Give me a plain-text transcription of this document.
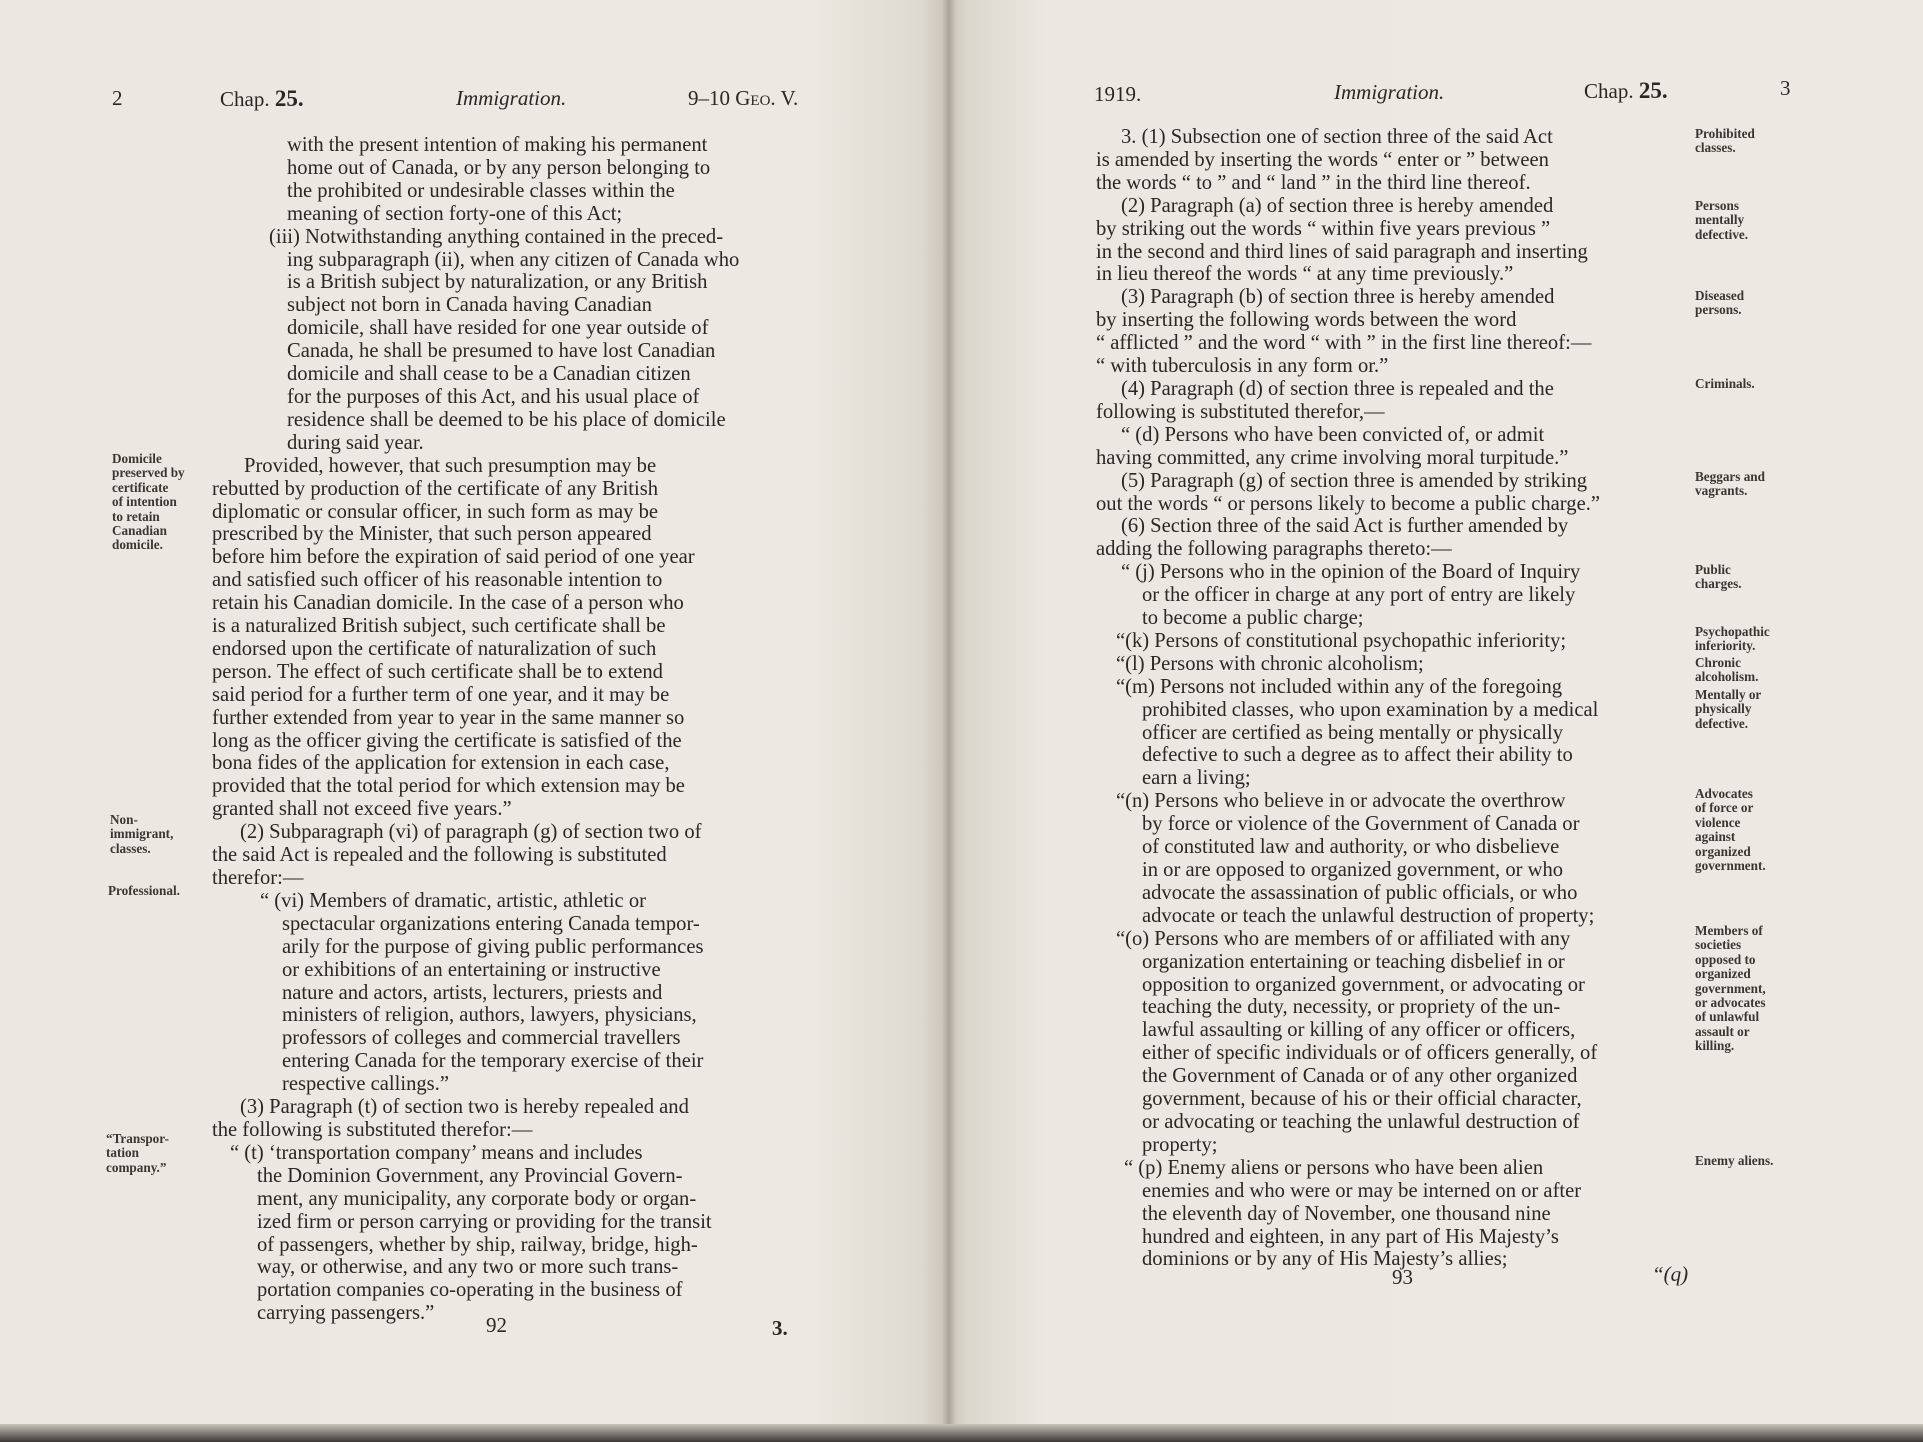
2	Chap. 25.	Immigration.	9–10 Geo. V.

with the present intention of making his permanent

home out of Canada, or by any person belonging to

the prohibited or undesirable classes within the

meaning of section forty-one of this Act;

(iii) Notwithstanding anything contained in the preced-

ing subparagraph (ii), when any citizen of Canada who

is a British subject by naturalization, or any British

subject not born in Canada having Canadian

domicile, shall have resided for one year outside of

Canada, he shall be presumed to have lost Canadian

domicile and shall cease to be a Canadian citizen

for the purposes of this Act, and his usual place of

residence shall be deemed to be his place of domicile

during said year.

Provided, however, that such presumption may be

rebutted by production of the certificate of any British

diplomatic or consular officer, in such form as may be

prescribed by the Minister, that such person appeared

before him before the expiration of said period of one year

and satisfied such officer of his reasonable intention to

retain his Canadian domicile. In the case of a person who

is a naturalized British subject, such certificate shall be

endorsed upon the certificate of naturalization of such

person. The effect of such certificate shall be to extend

said period for a further term of one year, and it may be

further extended from year to year in the same manner so

long as the officer giving the certificate is satisfied of the

bona fides of the application for extension in each case,

provided that the total period for which extension may be

granted shall not exceed five years.”

(2) Subparagraph (vi) of paragraph (g) of section two of

the said Act is repealed and the following is substituted

therefor:—

“ (vi) Members of dramatic, artistic, athletic or

spectacular organizations entering Canada tempor-

arily for the purpose of giving public performances

or exhibitions of an entertaining or instructive

nature and actors, artists, lecturers, priests and

ministers of religion, authors, lawyers, physicians,

professors of colleges and commercial travellers

entering Canada for the temporary exercise of their

respective callings.”

(3) Paragraph (t) of section two is hereby repealed and

the following is substituted therefor:—

“ (t) ‘transportation company’ means and includes

the Dominion Government, any Provincial Govern-

ment, any municipality, any corporate body or organ-

ized firm or person carrying or providing for the transit

of passengers, whether by ship, railway, bridge, high-

way, or otherwise, and any two or more such trans-

portation companies co-operating in the business of

carrying passengers.”

Domicile
preserved by
certificate
of intention
to retain
Canadian
domicile.
Non-
immigrant,
classes.
Professional.
“Transpor-
tation
company.”
92	3.
1919.	Immigration.	Chap. 25.	3

3. (1) Subsection one of section three of the said Act

is amended by inserting the words “ enter or ” between

the words “ to ” and “ land ” in the third line thereof.

(2) Paragraph (a) of section three is hereby amended

by striking out the words “ within five years previous ”

in the second and third lines of said paragraph and inserting

in lieu thereof the words “ at any time previously.”

(3) Paragraph (b) of section three is hereby amended

by inserting the following words between the word

“ afflicted ” and the word “ with ” in the first line thereof:—

“ with tuberculosis in any form or.”

(4) Paragraph (d) of section three is repealed and the

following is substituted therefor,—

“ (d) Persons who have been convicted of, or admit

having committed, any crime involving moral turpitude.”

(5) Paragraph (g) of section three is amended by striking

out the words “ or persons likely to become a public charge.”

(6) Section three of the said Act is further amended by

adding the following paragraphs thereto:—

“ (j) Persons who in the opinion of the Board of Inquiry

or the officer in charge at any port of entry are likely

to become a public charge;

“(k) Persons of constitutional psychopathic inferiority;

“(l) Persons with chronic alcoholism;

“(m) Persons not included within any of the foregoing

prohibited classes, who upon examination by a medical

officer are certified as being mentally or physically

defective to such a degree as to affect their ability to

earn a living;

“(n) Persons who believe in or advocate the overthrow

by force or violence of the Government of Canada or

of constituted law and authority, or who disbelieve

in or are opposed to organized government, or who

advocate the assassination of public officials, or who

advocate or teach the unlawful destruction of property;

“(o) Persons who are members of or affiliated with any

organization entertaining or teaching disbelief in or

opposition to organized government, or advocating or

teaching the duty, necessity, or propriety of the un-

lawful assaulting or killing of any officer or officers,

either of specific individuals or of officers generally, of

the Government of Canada or of any other organized

government, because of his or their official character,

or advocating or teaching the unlawful destruction of

property;

“ (p) Enemy aliens or persons who have been alien

enemies and who were or may be interned on or after

the eleventh day of November, one thousand nine

hundred and eighteen, in any part of His Majesty’s

dominions or by any of His Majesty’s allies;

Prohibited
classes.
Persons
mentally
defective.
Diseased
persons.
Criminals.
Beggars and
vagrants.
Public
charges.
Psychopathic
inferiority.
Chronic
alcoholism.
Mentally or
physically
defective.
Advocates
of force or
violence
against
organized
government.
Members of
societies
opposed to
organized
government,
or advocates
of unlawful
assault or
killing.
Enemy aliens.
93	“(q)
